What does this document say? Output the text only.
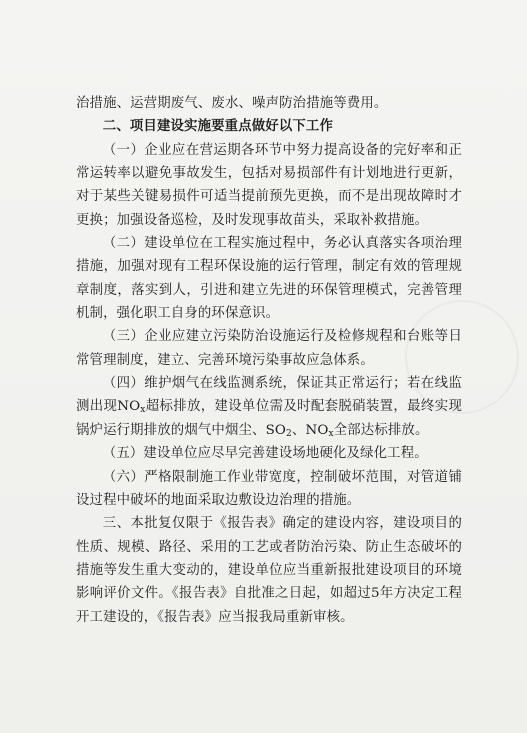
治措施、运营期废气、废水、噪声防治措施等费用。

二、项目建设实施要重点做好以下工作

（一）企业应在营运期各环节中努力提高设备的完好率和正常运转率以避免事故发生，包括对易损部件有计划地进行更新，对于某些关键易损件可适当提前预先更换，而不是出现故障时才更换；加强设备巡检，及时发现事故苗头，采取补救措施。

（二）建设单位在工程实施过程中，务必认真落实各项治理措施，加强对现有工程环保设施的运行管理，制定有效的管理规章制度，落实到人，引进和建立先进的环保管理模式，完善管理机制，强化职工自身的环保意识。

（三）企业应建立污染防治设施运行及检修规程和台账等日常管理制度，建立、完善环境污染事故应急体系。

（四）维护烟气在线监测系统，保证其正常运行；若在线监测出现$NO_x$超标排放，建设单位需及时配套脱硝装置，最终实现锅炉运行期排放的烟气中烟尘、$SO_2$、$NO_x$全部达标排放。

（五）建设单位应尽早完善建设场地硬化及绿化工程。

（六）严格限制施工作业带宽度，控制破坏范围，对管道铺设过程中破坏的地面采取边敷设边治理的措施。

三、本批复仅限于《报告表》确定的建设内容，建设项目的性质、规模、路径、采用的工艺或者防治污染、防止生态破坏的措施等发生重大变动的，建设单位应当重新报批建设项目的环境影响评价文件。《报告表》自批准之日起，如超过5年方决定工程开工建设的，《报告表》应当报我局重新审核。
